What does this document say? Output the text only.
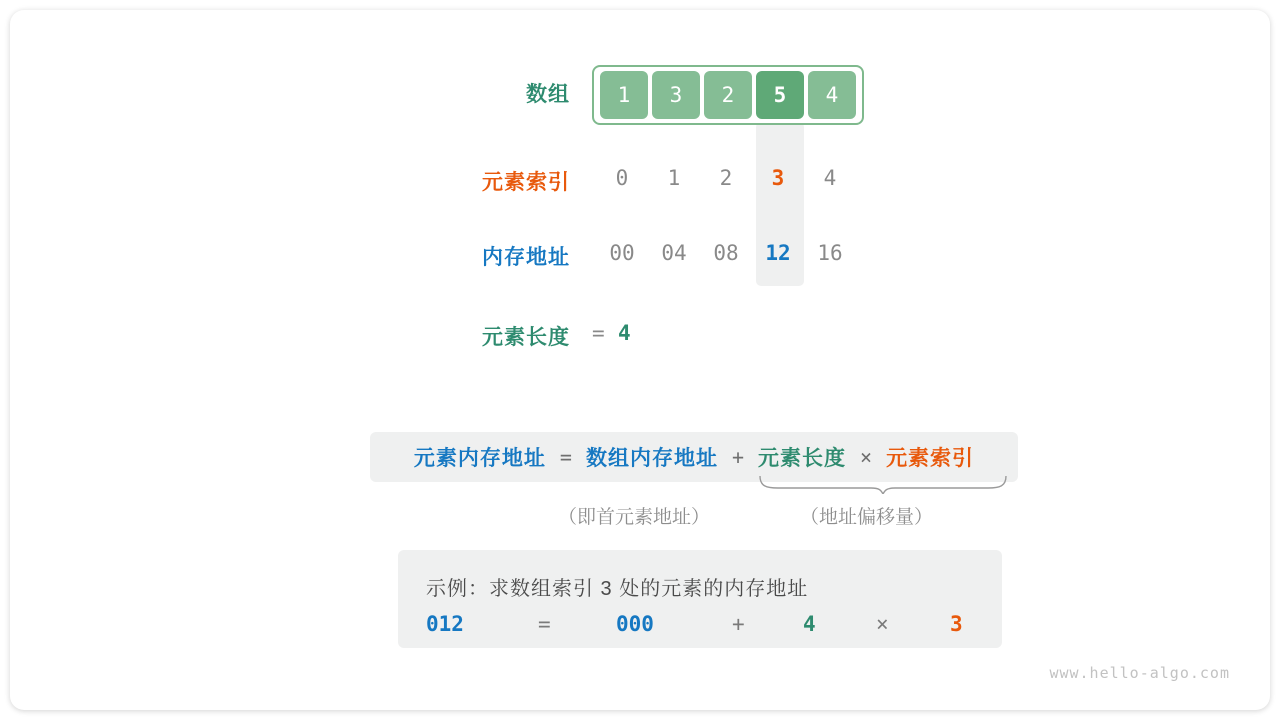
数组	1	3	2	5	4
元素索引	0	1	2	3	4
内存地址	00	04	08	12	16
元素长度 = 4
元素内存地址 = 数组内存地址 + 元素长度 × 元素索引
（即首元素地址）	（地址偏移量）
示例：求数组索引 3 处的元素的内存地址
012	=	000	+	4	×	3
www.hello-algo.com
